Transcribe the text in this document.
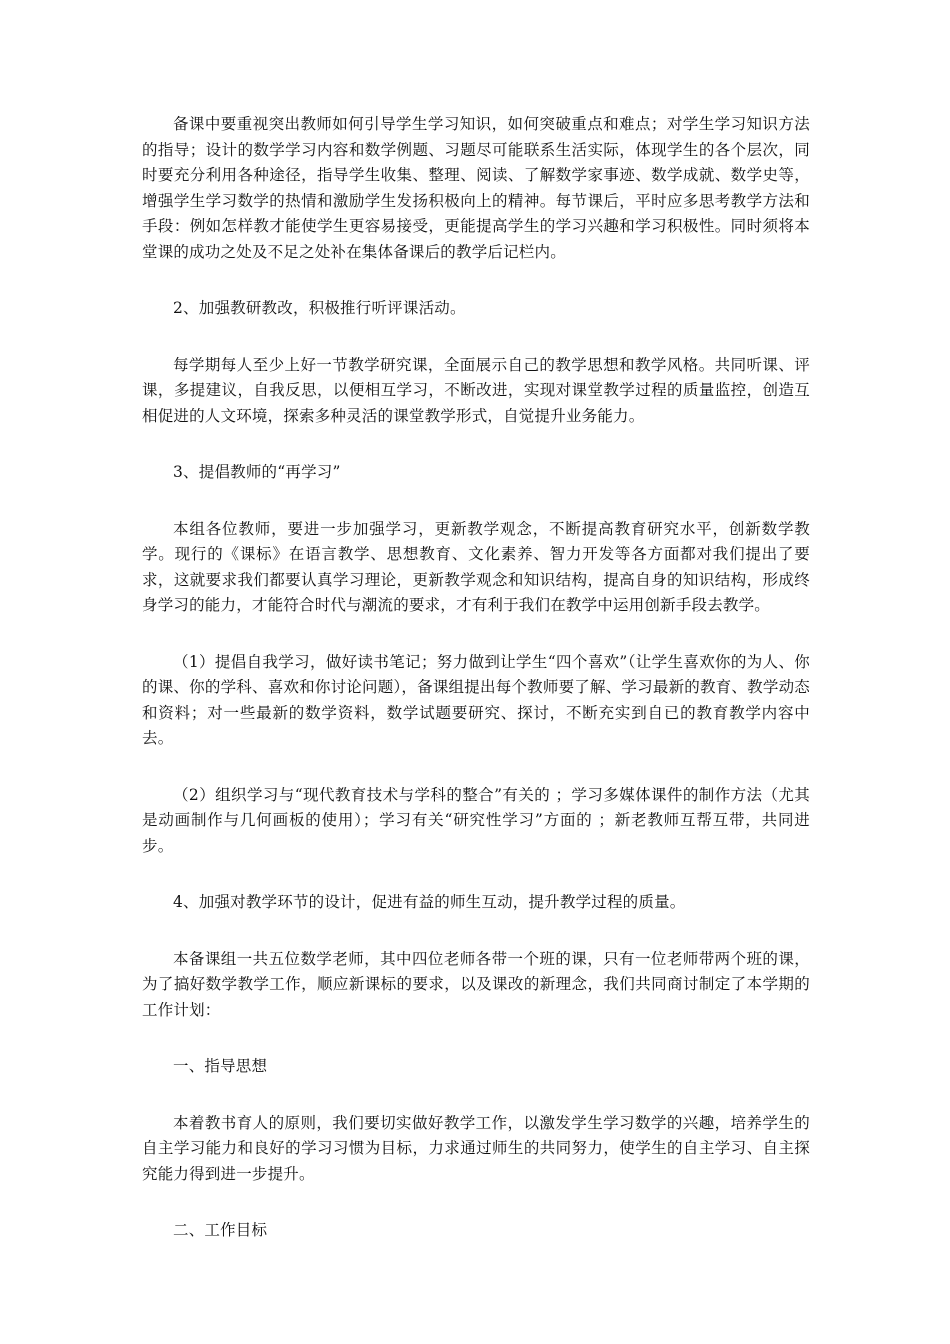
备课中要重视突出教师如何引导学生学习知识，如何突破重点和难点；对学生学习知识方法的指导；设计的数学学习内容和数学例题、习题尽可能联系生活实际，体现学生的各个层次，同时要充分利用各种途径，指导学生收集、整理、阅读、了解数学家事迹、数学成就、数学史等，增强学生学习数学的热情和激励学生发扬积极向上的精神。每节课后，平时应多思考教学方法和手段：例如怎样教才能使学生更容易接受，更能提高学生的学习兴趣和学习积极性。同时须将本堂课的成功之处及不足之处补在集体备课后的教学后记栏内。

2、加强教研教改，积极推行听评课活动。

每学期每人至少上好一节教学研究课，全面展示自己的教学思想和教学风格。共同听课、评课，多提建议，自我反思，以便相互学习，不断改进，实现对课堂教学过程的质量监控，创造互相促进的人文环境，探索多种灵活的课堂教学形式，自觉提升业务能力。

3、提倡教师的“再学习”

本组各位教师，要进一步加强学习，更新教学观念，不断提高教育研究水平，创新数学教学。现行的《课标》在语言教学、思想教育、文化素养、智力开发等各方面都对我们提出了要求，这就要求我们都要认真学习理论，更新教学观念和知识结构，提高自身的知识结构，形成终身学习的能力，才能符合时代与潮流的要求，才有利于我们在教学中运用创新手段去教学。

（1）提倡自我学习，做好读书笔记；努力做到让学生“四个喜欢”（让学生喜欢你的为人、你的课、你的学科、喜欢和你讨论问题），备课组提出每个教师要了解、学习最新的教育、教学动态和资料；对一些最新的数学资料，数学试题要研究、探讨，不断充实到自已的教育教学内容中去。

（2）组织学习与“现代教育技术与学科的整合”有关的 ；学习多媒体课件的制作方法（尤其是动画制作与几何画板的使用）；学习有关“研究性学习”方面的 ；新老教师互帮互带，共同进步。

4、加强对教学环节的设计，促进有益的师生互动，提升教学过程的质量。

本备课组一共五位数学老师，其中四位老师各带一个班的课，只有一位老师带两个班的课，为了搞好数学教学工作，顺应新课标的要求，以及课改的新理念，我们共同商讨制定了本学期的工作计划：

一、指导思想

本着教书育人的原则，我们要切实做好教学工作，以激发学生学习数学的兴趣，培养学生的自主学习能力和良好的学习习惯为目标，力求通过师生的共同努力，使学生的自主学习、自主探究能力得到进一步提升。

二、工作目标
